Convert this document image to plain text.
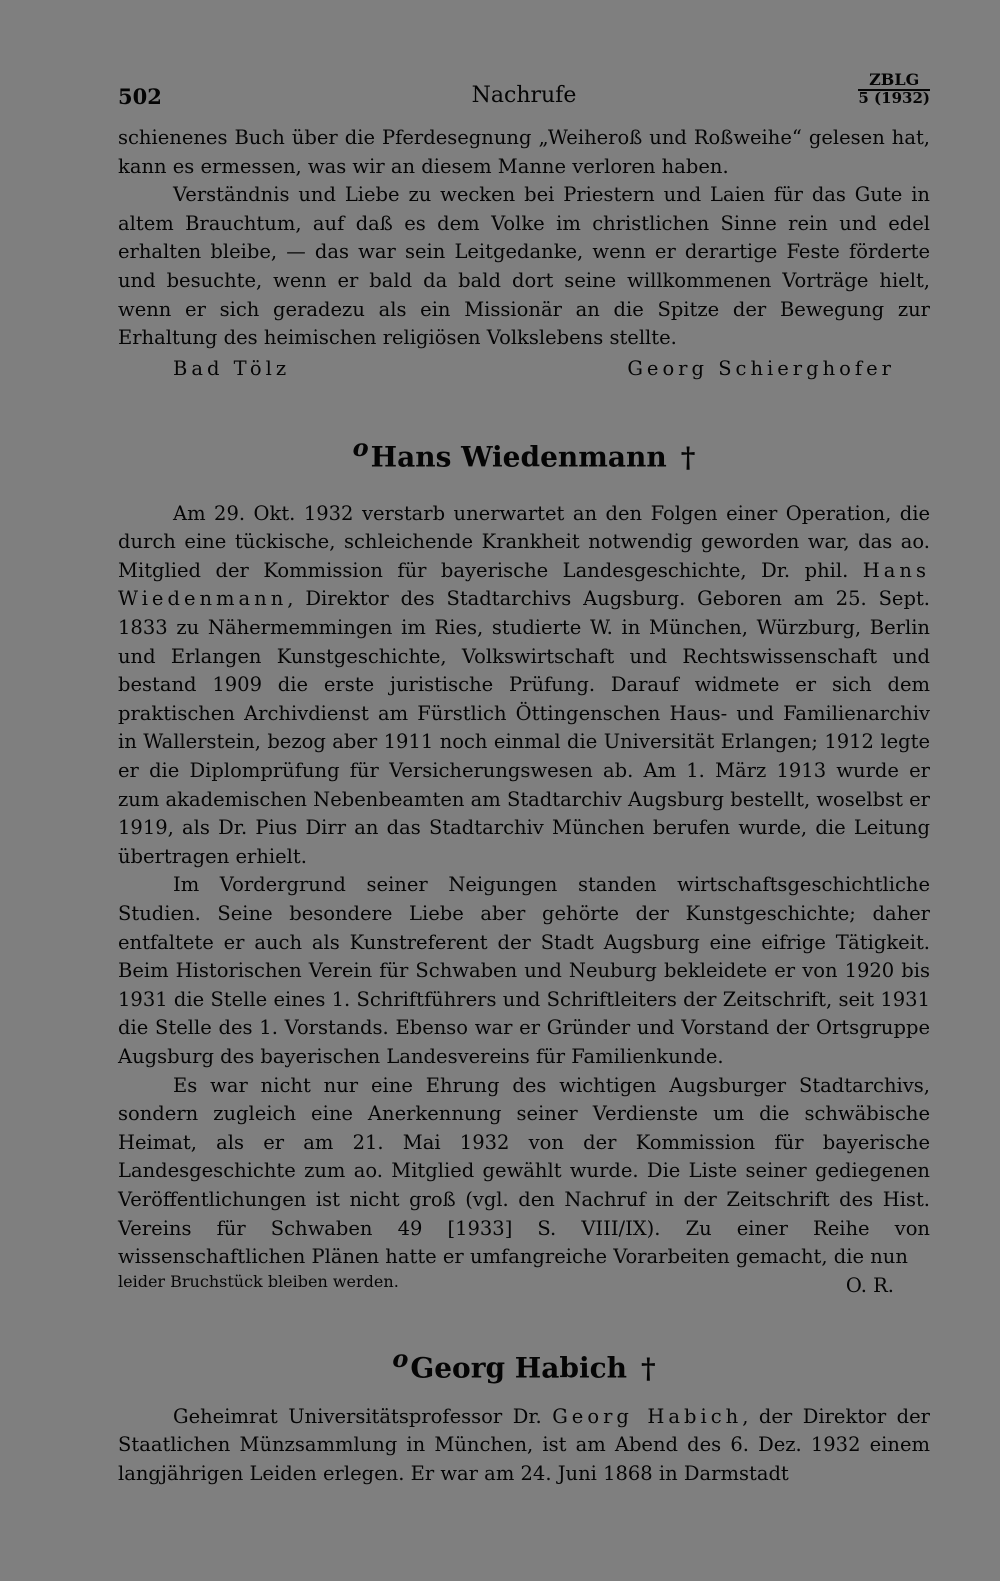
502	Nachrufe
ZBLG
5 (1932)

schienenes Buch über die Pferdesegnung „Weiheroß und Roßweihe“ gelesen hat, kann es ermessen, was wir an diesem Manne verloren haben.

Verständnis und Liebe zu wecken bei Priestern und Laien für das Gute in altem Brauchtum, auf daß es dem Volke im christlichen Sinne rein und edel erhalten bleibe, — das war sein Leitgedanke, wenn er derartige Feste förderte und besuchte, wenn er bald da bald dort seine willkommenen Vorträge hielt, wenn er sich geradezu als ein Missionär an die Spitze der Bewegung zur Erhaltung des heimischen religiösen Volkslebens stellte.

Bad Tölz	Georg Schierghofer
oHans Wiedenmann †

Am 29. Okt. 1932 verstarb unerwartet an den Folgen einer Operation, die durch eine tückische, schleichende Krankheit notwendig geworden war, das ao. Mitglied der Kommission für bayerische Landesgeschichte, Dr. phil. Hans Wiedenmann, Direktor des Stadtarchivs Augsburg. Geboren am 25. Sept. 1833 zu Nähermemmingen im Ries, studierte W. in München, Würzburg, Berlin und Erlangen Kunstgeschichte, Volkswirtschaft und Rechtswissenschaft und bestand 1909 die erste juristische Prüfung. Darauf widmete er sich dem praktischen Archivdienst am Fürstlich Öttingenschen Haus- und Familienarchiv in Wallerstein, bezog aber 1911 noch einmal die Universität Erlangen; 1912 legte er die Diplomprüfung für Versicherungswesen ab. Am 1. März 1913 wurde er zum akademischen Nebenbeamten am Stadtarchiv Augsburg bestellt, woselbst er 1919, als Dr. Pius Dirr an das Stadtarchiv München berufen wurde, die Leitung übertragen erhielt.

Im Vordergrund seiner Neigungen standen wirtschaftsgeschichtliche Studien. Seine besondere Liebe aber gehörte der Kunstgeschichte; daher entfaltete er auch als Kunstreferent der Stadt Augsburg eine eifrige Tätigkeit. Beim Historischen Verein für Schwaben und Neuburg bekleidete er von 1920 bis 1931 die Stelle eines 1. Schriftführers und Schriftleiters der Zeitschrift, seit 1931 die Stelle des 1. Vorstands. Ebenso war er Gründer und Vorstand der Ortsgruppe Augsburg des bayerischen Landesvereins für Familienkunde.

Es war nicht nur eine Ehrung des wichtigen Augsburger Stadtarchivs, sondern zugleich eine Anerkennung seiner Verdienste um die schwäbische Heimat, als er am 21. Mai 1932 von der Kommission für bayerische Landesgeschichte zum ao. Mitglied gewählt wurde. Die Liste seiner gediegenen Veröffentlichungen ist nicht groß (vgl. den Nachruf in der Zeitschrift des Hist. Vereins für Schwaben 49 [1933] S. VIII/IX). Zu einer Reihe von wissenschaftlichen Plänen hatte er umfangreiche Vorarbeiten gemacht, die nun

leider Bruchstück bleiben werden.	O. R.
oGeorg Habich †

Geheimrat Universitätsprofessor Dr. Georg Habich, der Direktor der Staatlichen Münzsammlung in München, ist am Abend des 6. Dez. 1932 einem langjährigen Leiden erlegen. Er war am 24. Juni 1868 in Darmstadt
